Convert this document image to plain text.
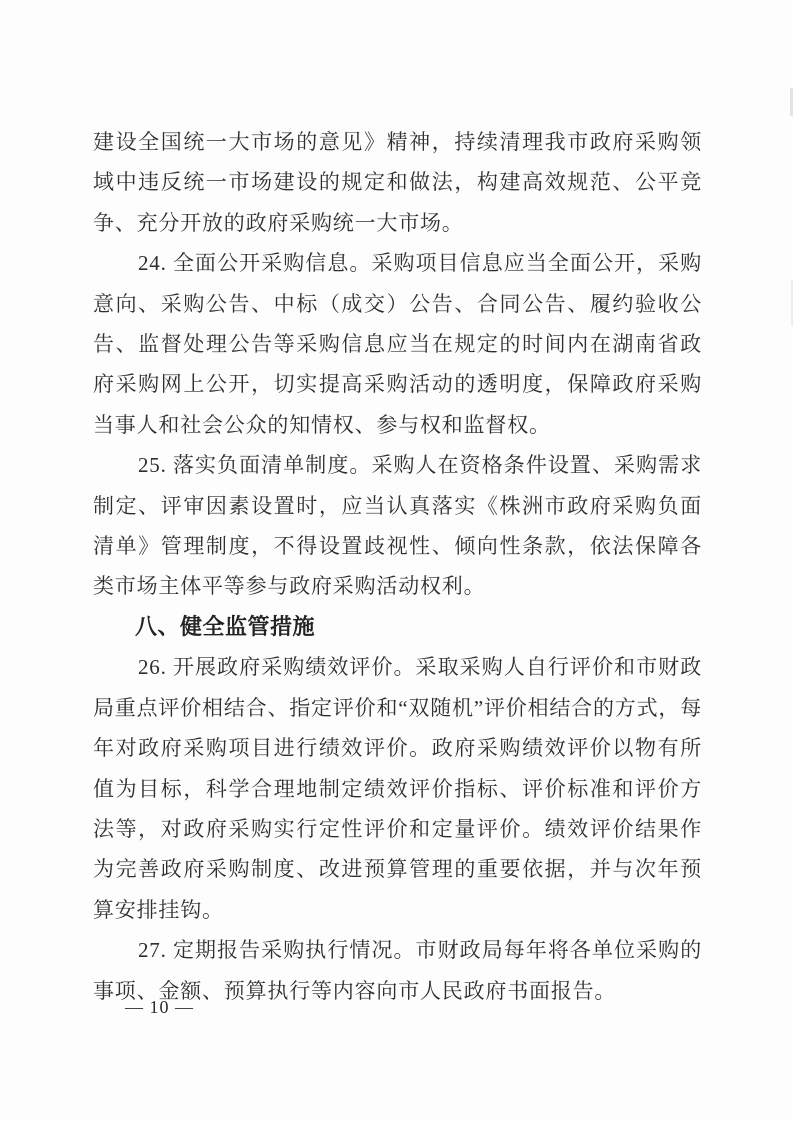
建设全国统一大市场的意见》精神，持续清理我市政府采购领域中违反统一市场建设的规定和做法，构建高效规范、公平竞争、充分开放的政府采购统一大市场。

24. 全面公开采购信息。采购项目信息应当全面公开，采购意向、采购公告、中标（成交）公告、合同公告、履约验收公告、监督处理公告等采购信息应当在规定的时间内在湖南省政府采购网上公开，切实提高采购活动的透明度，保障政府采购当事人和社会公众的知情权、参与权和监督权。

25. 落实负面清单制度。采购人在资格条件设置、采购需求制定、评审因素设置时，应当认真落实《株洲市政府采购负面清单》管理制度，不得设置歧视性、倾向性条款，依法保障各类市场主体平等参与政府采购活动权利。

八、健全监管措施

26. 开展政府采购绩效评价。采取采购人自行评价和市财政局重点评价相结合、指定评价和“双随机”评价相结合的方式，每年对政府采购项目进行绩效评价。政府采购绩效评价以物有所值为目标，科学合理地制定绩效评价指标、评价标准和评价方法等，对政府采购实行定性评价和定量评价。绩效评价结果作为完善政府采购制度、改进预算管理的重要依据，并与次年预算安排挂钩。

27. 定期报告采购执行情况。市财政局每年将各单位采购的事项、金额、预算执行等内容向市人民政府书面报告。

— 10 —
